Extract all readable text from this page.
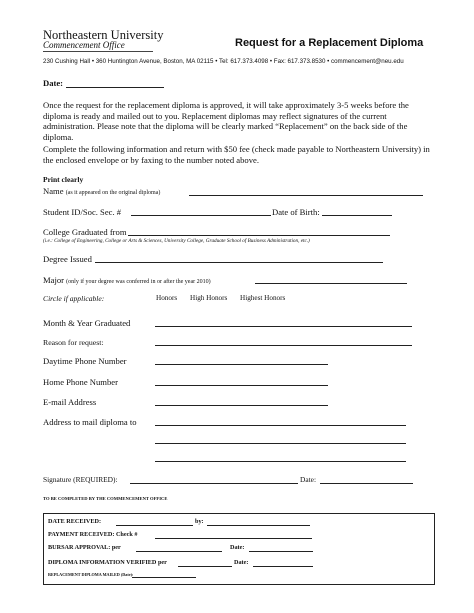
Northeastern University
Commencement Office	Request for a Replacement Diploma
230 Cushing Hall • 360 Huntington Avenue, Boston, MA 02115 • Tel: 617.373.4098 • Fax: 617.373.8530 • commencement@neu.edu
Date:
Once the request for the replacement diploma is approved, it will take approximately 3-5 weeks before the diploma is ready and mailed out to you. Replacement diplomas may reflect signatures of the current administration. Please note that the diploma will be clearly marked “Replacement” on the back side of the diploma.
Complete the following information and return with $50 fee (check made payable to Northeastern University) in the enclosed envelope or by faxing to the number noted above.
Print clearly
Name (as it appeared on the original diploma)
Student ID/Soc. Sec. #	Date of Birth:
College Graduated from
(i.e.: College of Engineering, College or Arts & Sciences, University College, Graduate School of Business Administration, etc.)
Degree Issued
Major (only if your degree was conferred in or after the year 2010)
Circle if applicable:	Honors High Honors Highest Honors
Month & Year Graduated
Reason for request:
Daytime Phone Number
Home Phone Number
E-mail Address
Address to mail diploma to
Signature (REQUIRED):	Date:
TO BE COMPLETED BY THE COMMENCEMENT OFFICE
DATE RECEIVED:	by:
PAYMENT RECEIVED: Check #
BURSAR APPROVAL: per	Date:
DIPLOMA INFORMATION VERIFIED per	Date:
REPLACEMENT DIPLOMA MAILED (Date):
